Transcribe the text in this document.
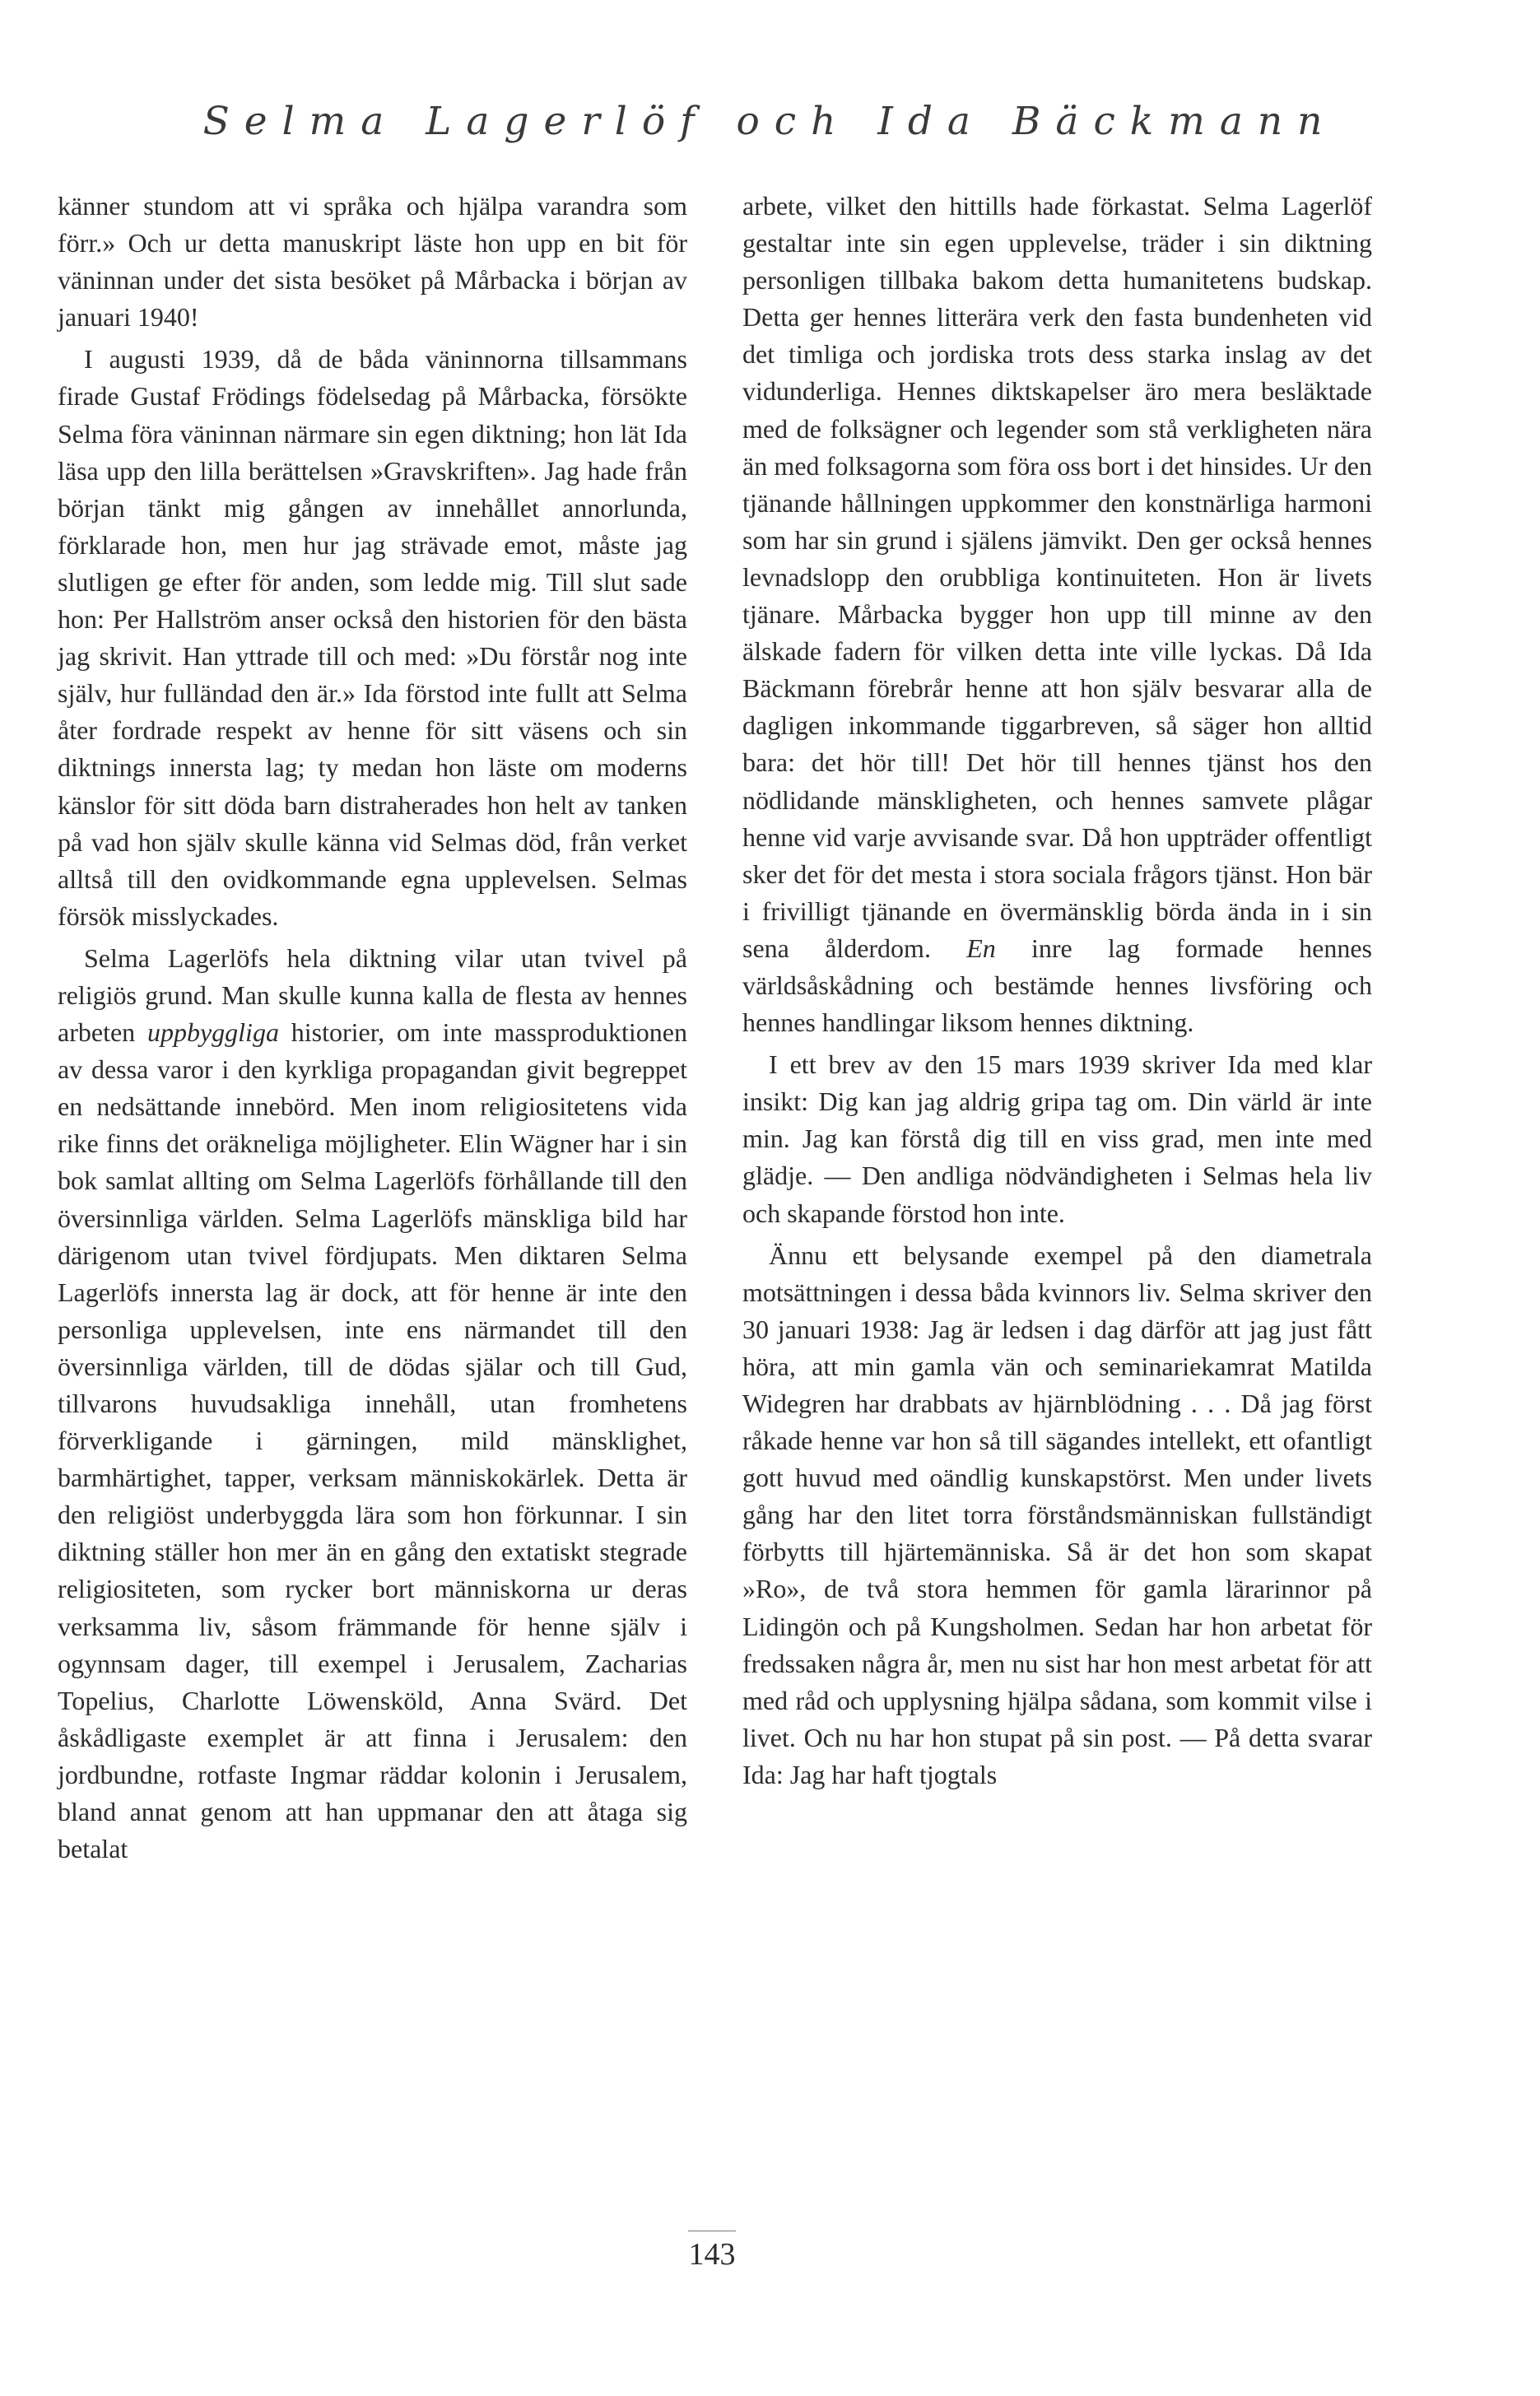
Selma Lagerlöf och Ida Bäckmann

känner stundom att vi språka och hjälpa varandra som förr.» Och ur detta manuskript läste hon upp en bit för väninnan under det sista besöket på Mårbacka i början av januari 1940!

I augusti 1939, då de båda väninnorna tillsammans firade Gustaf Frödings födelsedag på Mårbacka, försökte Selma föra väninnan närmare sin egen diktning; hon lät Ida läsa upp den lilla berättelsen »Gravskriften». Jag hade från början tänkt mig gången av innehållet annorlunda, förklarade hon, men hur jag strävade emot, måste jag slutligen ge efter för anden, som ledde mig. Till slut sade hon: Per Hallström anser också den historien för den bästa jag skrivit. Han yttrade till och med: »Du förstår nog inte själv, hur fulländad den är.» Ida förstod inte fullt att Selma åter fordrade respekt av henne för sitt väsens och sin diktnings innersta lag; ty medan hon läste om moderns känslor för sitt döda barn distraherades hon helt av tanken på vad hon själv skulle känna vid Selmas död, från verket alltså till den ovidkommande egna upplevelsen. Selmas försök misslyckades.

Selma Lagerlöfs hela diktning vilar utan tvivel på religiös grund. Man skulle kunna kalla de flesta av hennes arbeten uppbyggliga historier, om inte massproduktionen av dessa varor i den kyrkliga propagandan givit begreppet en nedsättande innebörd. Men inom religiositetens vida rike finns det oräkneliga möjligheter. Elin Wägner har i sin bok samlat allting om Selma Lagerlöfs förhållande till den översinnliga världen. Selma Lagerlöfs mänskliga bild har därigenom utan tvivel fördjupats. Men diktaren Selma Lagerlöfs innersta lag är dock, att för henne är inte den personliga upplevelsen, inte ens närmandet till den översinnliga världen, till de dödas själar och till Gud, tillvarons huvudsakliga innehåll, utan fromhetens förverkligande i gärningen, mild mänsklighet, barmhärtighet, tapper, verksam människokärlek. Detta är den religiöst underbyggda lära som hon förkunnar. I sin diktning ställer hon mer än en gång den extatiskt stegrade religiositeten, som rycker bort människorna ur deras verksamma liv, såsom främmande för henne själv i ogynnsam dager, till exempel i Jerusalem, Zacharias Topelius, Charlotte Löwensköld, Anna Svärd. Det åskådligaste exemplet är att finna i Jerusalem: den jordbundne, rotfaste Ingmar räddar kolonin i Jerusalem, bland annat genom att han uppmanar den att åtaga sig betalat

arbete, vilket den hittills hade förkastat. Selma Lagerlöf gestaltar inte sin egen upplevelse, träder i sin diktning personligen tillbaka bakom detta humanitetens budskap. Detta ger hennes litterära verk den fasta bundenheten vid det timliga och jordiska trots dess starka inslag av det vidunderliga. Hennes diktskapelser äro mera besläktade med de folksägner och legender som stå verkligheten nära än med folksagorna som föra oss bort i det hinsides. Ur den tjänande hållningen uppkommer den konstnärliga harmoni som har sin grund i själens jämvikt. Den ger också hennes levnadslopp den orubbliga kontinuiteten. Hon är livets tjänare. Mårbacka bygger hon upp till minne av den älskade fadern för vilken detta inte ville lyckas. Då Ida Bäckmann förebrår henne att hon själv besvarar alla de dagligen inkommande tiggarbreven, så säger hon alltid bara: det hör till! Det hör till hennes tjänst hos den nödlidande mänskligheten, och hennes samvete plågar henne vid varje avvisande svar. Då hon uppträder offentligt sker det för det mesta i stora sociala frågors tjänst. Hon bär i frivilligt tjänande en övermänsklig börda ända in i sin sena ålderdom. En inre lag formade hennes världsåskådning och bestämde hennes livsföring och hennes handlingar liksom hennes diktning.

I ett brev av den 15 mars 1939 skriver Ida med klar insikt: Dig kan jag aldrig gripa tag om. Din värld är inte min. Jag kan förstå dig till en viss grad, men inte med glädje. — Den andliga nödvändigheten i Selmas hela liv och skapande förstod hon inte.

Ännu ett belysande exempel på den diametrala motsättningen i dessa båda kvinnors liv. Selma skriver den 30 januari 1938: Jag är ledsen i dag därför att jag just fått höra, att min gamla vän och seminariekamrat Matilda Widegren har drabbats av hjärnblödning . . . Då jag först råkade henne var hon så till sägandes intellekt, ett ofantligt gott huvud med oändlig kunskapstörst. Men under livets gång har den litet torra förståndsmänniskan fullständigt förbytts till hjärtemänniska. Så är det hon som skapat »Ro», de två stora hemmen för gamla lärarinnor på Lidingön och på Kungsholmen. Sedan har hon arbetat för fredssaken några år, men nu sist har hon mest arbetat för att med råd och upplysning hjälpa sådana, som kommit vilse i livet. Och nu har hon stupat på sin post. — På detta svarar Ida: Jag har haft tjogtals

143
